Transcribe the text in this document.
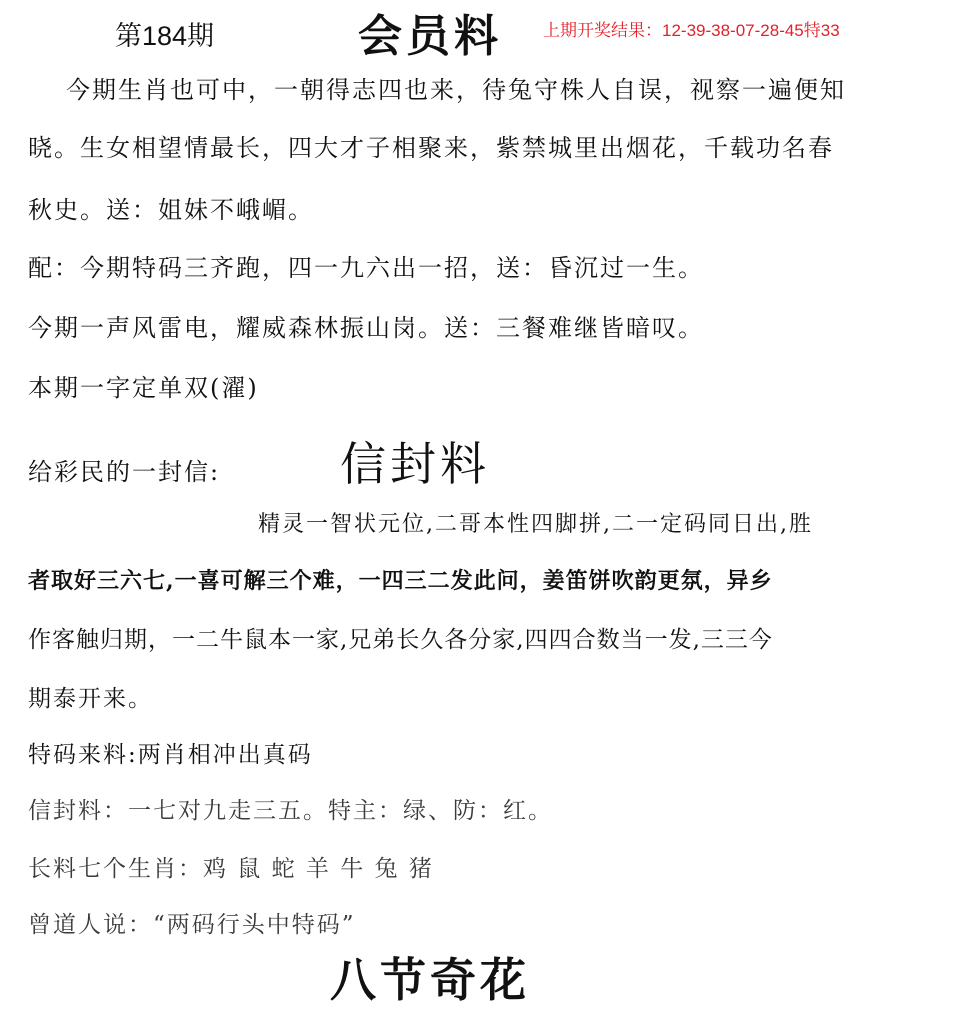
第184期	会员料 上期开奖结果：12-39-38-07-28-45特33
今期生肖也可中，一朝得志四也来，待兔守株人自误，视察一遍便知
晓。生女相望情最长，四大才子相聚来，紫禁城里出烟花，千载功名春
秋史。送：姐妹不峨嵋。
配：今期特码三齐跑，四一九六出一招，送：昏沉过一生。
今期一声风雷电，耀威森林振山岗。送：三餐难继皆暗叹。
本期一字定单双(濯)
给彩民的一封信:	信封料
精灵一智状元位,二哥本性四脚拼,二一定码同日出,胜
者取好三六七,一喜可解三个难，一四三二发此问，姜笛饼吹韵更氛，异乡
作客触归期，一二牛鼠本一家,兄弟长久各分家,四四合数当一发,三三今
期泰开来。
特码来料:两肖相冲出真码
信封料：一七对九走三五。特主：绿、防：红。
长料七个生肖：鸡 鼠 蛇 羊 牛 兔 猪
曾道人说：“两码行头中特码”
八节奇花
